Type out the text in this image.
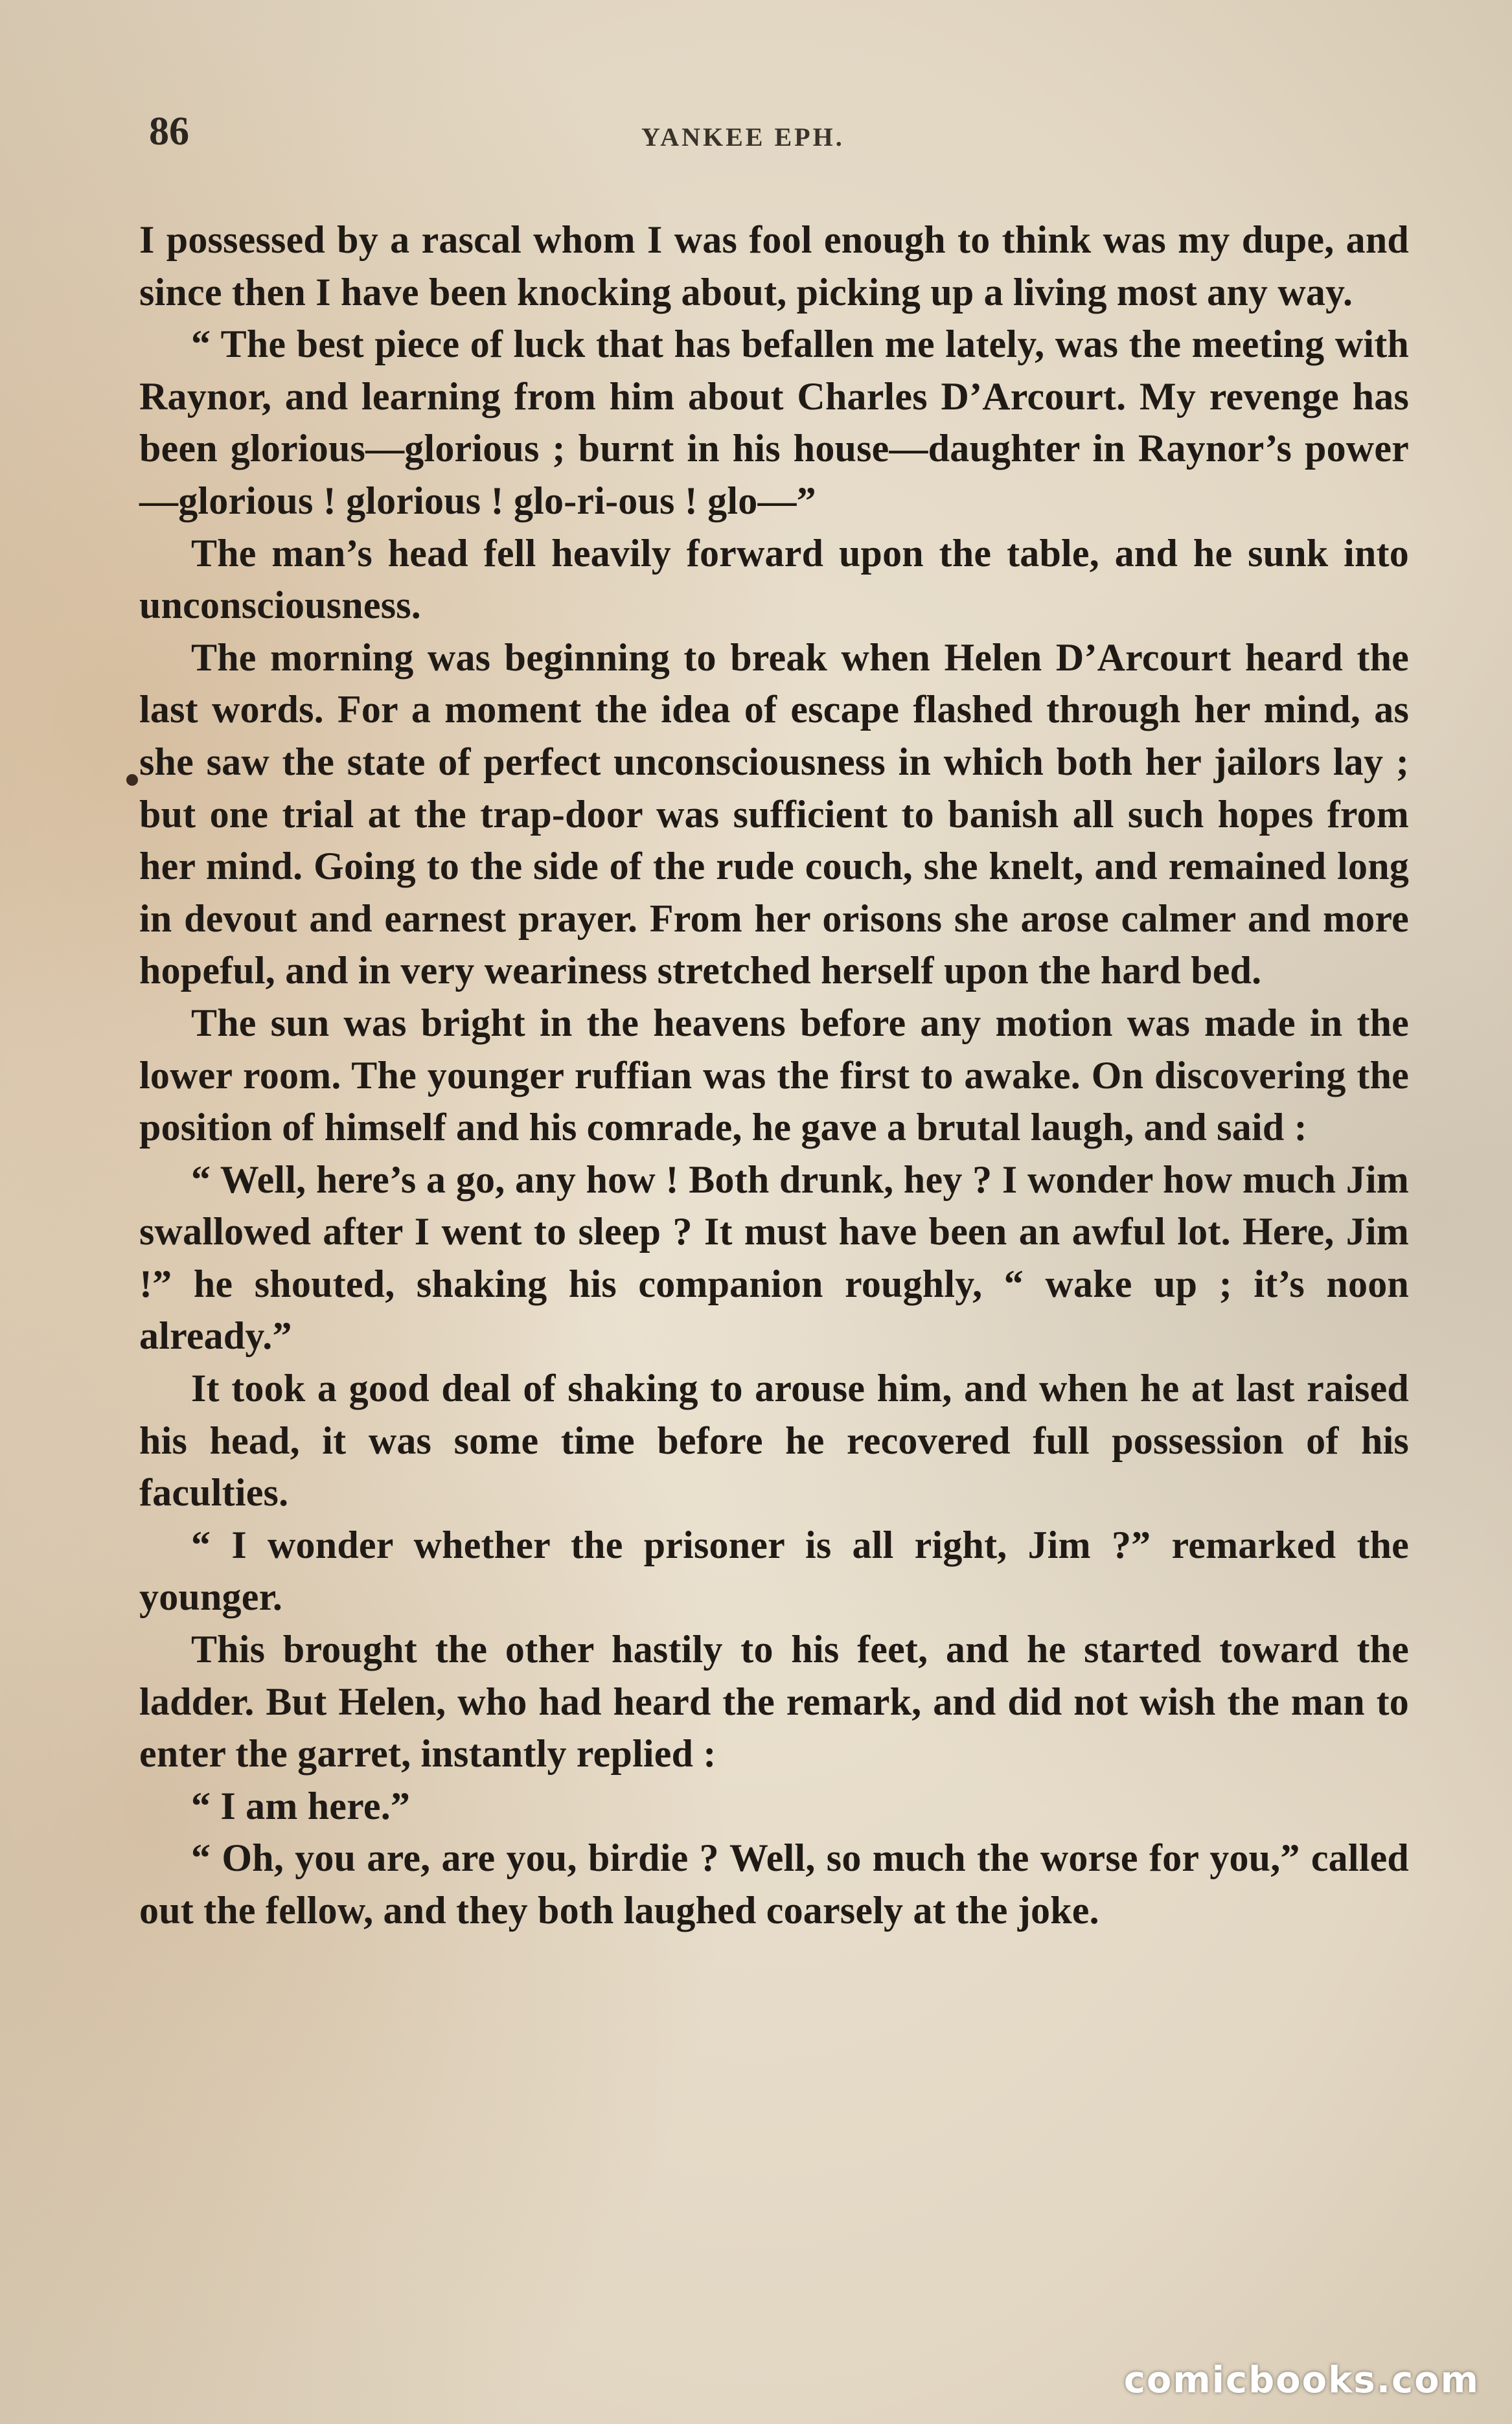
86	YANKEE EPH.

I possessed by a rascal whom I was fool enough to think was my dupe, and since then I have been knocking about, picking up a living most any way.

“ The best piece of luck that has befallen me lately, was the meeting with Raynor, and learning from him about Charles D’Arcourt. My revenge has been glorious—glorious ; burnt in his house—daughter in Raynor’s power—glorious ! glorious ! glo-ri-ous ! glo—”

The man’s head fell heavily forward upon the table, and he sunk into unconsciousness.

The morning was beginning to break when Helen D’Arcourt heard the last words. For a moment the idea of escape flashed through her mind, as she saw the state of perfect unconsciousness in which both her jailors lay ; but one trial at the trap-door was sufficient to banish all such hopes from her mind. Going to the side of the rude couch, she knelt, and remained long in devout and earnest prayer. From her orisons she arose calmer and more hopeful, and in very weariness stretched herself upon the hard bed.

The sun was bright in the heavens before any motion was made in the lower room. The younger ruffian was the first to awake. On discovering the position of himself and his comrade, he gave a brutal laugh, and said :

“ Well, here’s a go, any how ! Both drunk, hey ? I wonder how much Jim swallowed after I went to sleep ? It must have been an awful lot. Here, Jim !” he shouted, shaking his companion roughly, “ wake up ; it’s noon already.”

It took a good deal of shaking to arouse him, and when he at last raised his head, it was some time before he recovered full possession of his faculties.

“ I wonder whether the prisoner is all right, Jim ?” remarked the younger.

This brought the other hastily to his feet, and he started toward the ladder. But Helen, who had heard the remark, and did not wish the man to enter the garret, instantly replied :

“ I am here.”

“ Oh, you are, are you, birdie ? Well, so much the worse for you,” called out the fellow, and they both laughed coarsely at the joke.

comicbooks.com
